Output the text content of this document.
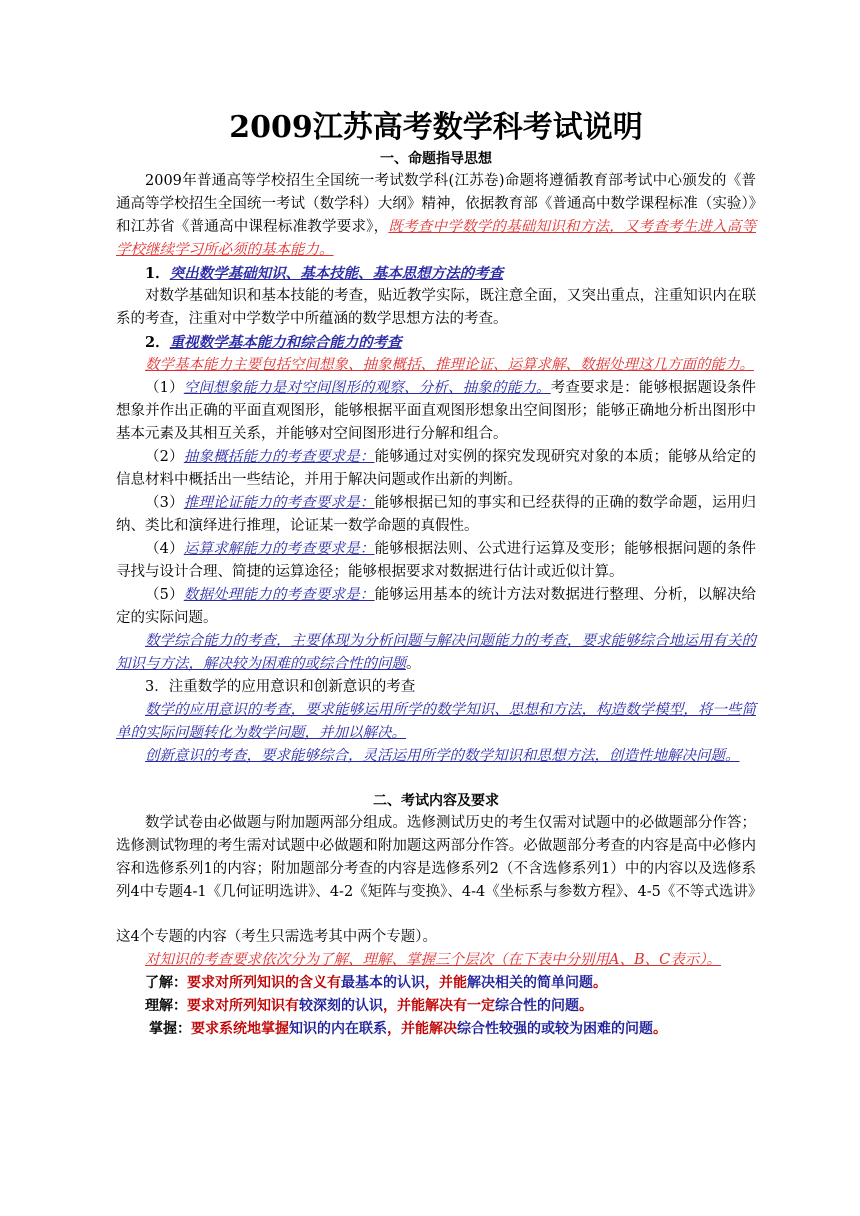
2009江苏高考数学科考试说明
一、命题指导思想

2009年普通高等学校招生全国统一考试数学科(江苏卷)命题将遵循教育部考试中心颁发的《普通高等学校招生全国统一考试（数学科）大纲》精神，依据教育部《普通高中数学课程标准（实验）》和江苏省《普通高中课程标准教学要求》，既考查中学数学的基础知识和方法，又考查考生进入高等学校继续学习所必须的基本能力。

1．突出数学基础知识、基本技能、基本思想方法的考查

对数学基础知识和基本技能的考查，贴近教学实际，既注意全面，又突出重点，注重知识内在联系的考查，注重对中学数学中所蕴涵的数学思想方法的考查。

2．重视数学基本能力和综合能力的考查

数学基本能力主要包括空间想象、抽象概括、推理论证、运算求解、数据处理这几方面的能力。

（1）空间想象能力是对空间图形的观察、分析、抽象的能力。考查要求是：能够根据题设条件想象并作出正确的平面直观图形，能够根据平面直观图形想象出空间图形；能够正确地分析出图形中基本元素及其相互关系，并能够对空间图形进行分解和组合。

（2）抽象概括能力的考查要求是：能够通过对实例的探究发现研究对象的本质；能够从给定的信息材料中概括出一些结论，并用于解决问题或作出新的判断。

（3）推理论证能力的考查要求是：能够根据已知的事实和已经获得的正确的数学命题，运用归纳、类比和演绎进行推理，论证某一数学命题的真假性。

（4）运算求解能力的考查要求是：能够根据法则、公式进行运算及变形；能够根据问题的条件寻找与设计合理、简捷的运算途径；能够根据要求对数据进行估计或近似计算。

（5）数据处理能力的考查要求是：能够运用基本的统计方法对数据进行整理、分析，以解决给定的实际问题。

数学综合能力的考查，主要体现为分析问题与解决问题能力的考查，要求能够综合地运用有关的知识与方法，解决较为困难的或综合性的问题。

3．注重数学的应用意识和创新意识的考查

数学的应用意识的考查，要求能够运用所学的数学知识、思想和方法，构造数学模型，将一些简单的实际问题转化为数学问题，并加以解决。

创新意识的考查，要求能够综合，灵活运用所学的数学知识和思想方法，创造性地解决问题。

二、考试内容及要求

数学试卷由必做题与附加题两部分组成。选修测试历史的考生仅需对试题中的必做题部分作答；选修测试物理的考生需对试题中必做题和附加题这两部分作答。必做题部分考查的内容是高中必修内容和选修系列1的内容；附加题部分考查的内容是选修系列2（不含选修系列1）中的内容以及选修系列4中专题4-1《几何证明选讲》、4-2《矩阵与变换》、4-4《坐标系与参数方程》、4-5《不等式选讲》

这4个专题的内容（考生只需选考其中两个专题）。

对知识的考查要求依次分为了解、理解、掌握三个层次（在下表中分别用A、B、C表示）。

了解：要求对所列知识的含义有最基本的认识，并能解决相关的简单问题。

理解：要求对所列知识有较深刻的认识，并能解决有一定综合性的问题。

掌握：要求系统地掌握知识的内在联系，并能解决综合性较强的或较为困难的问题。
